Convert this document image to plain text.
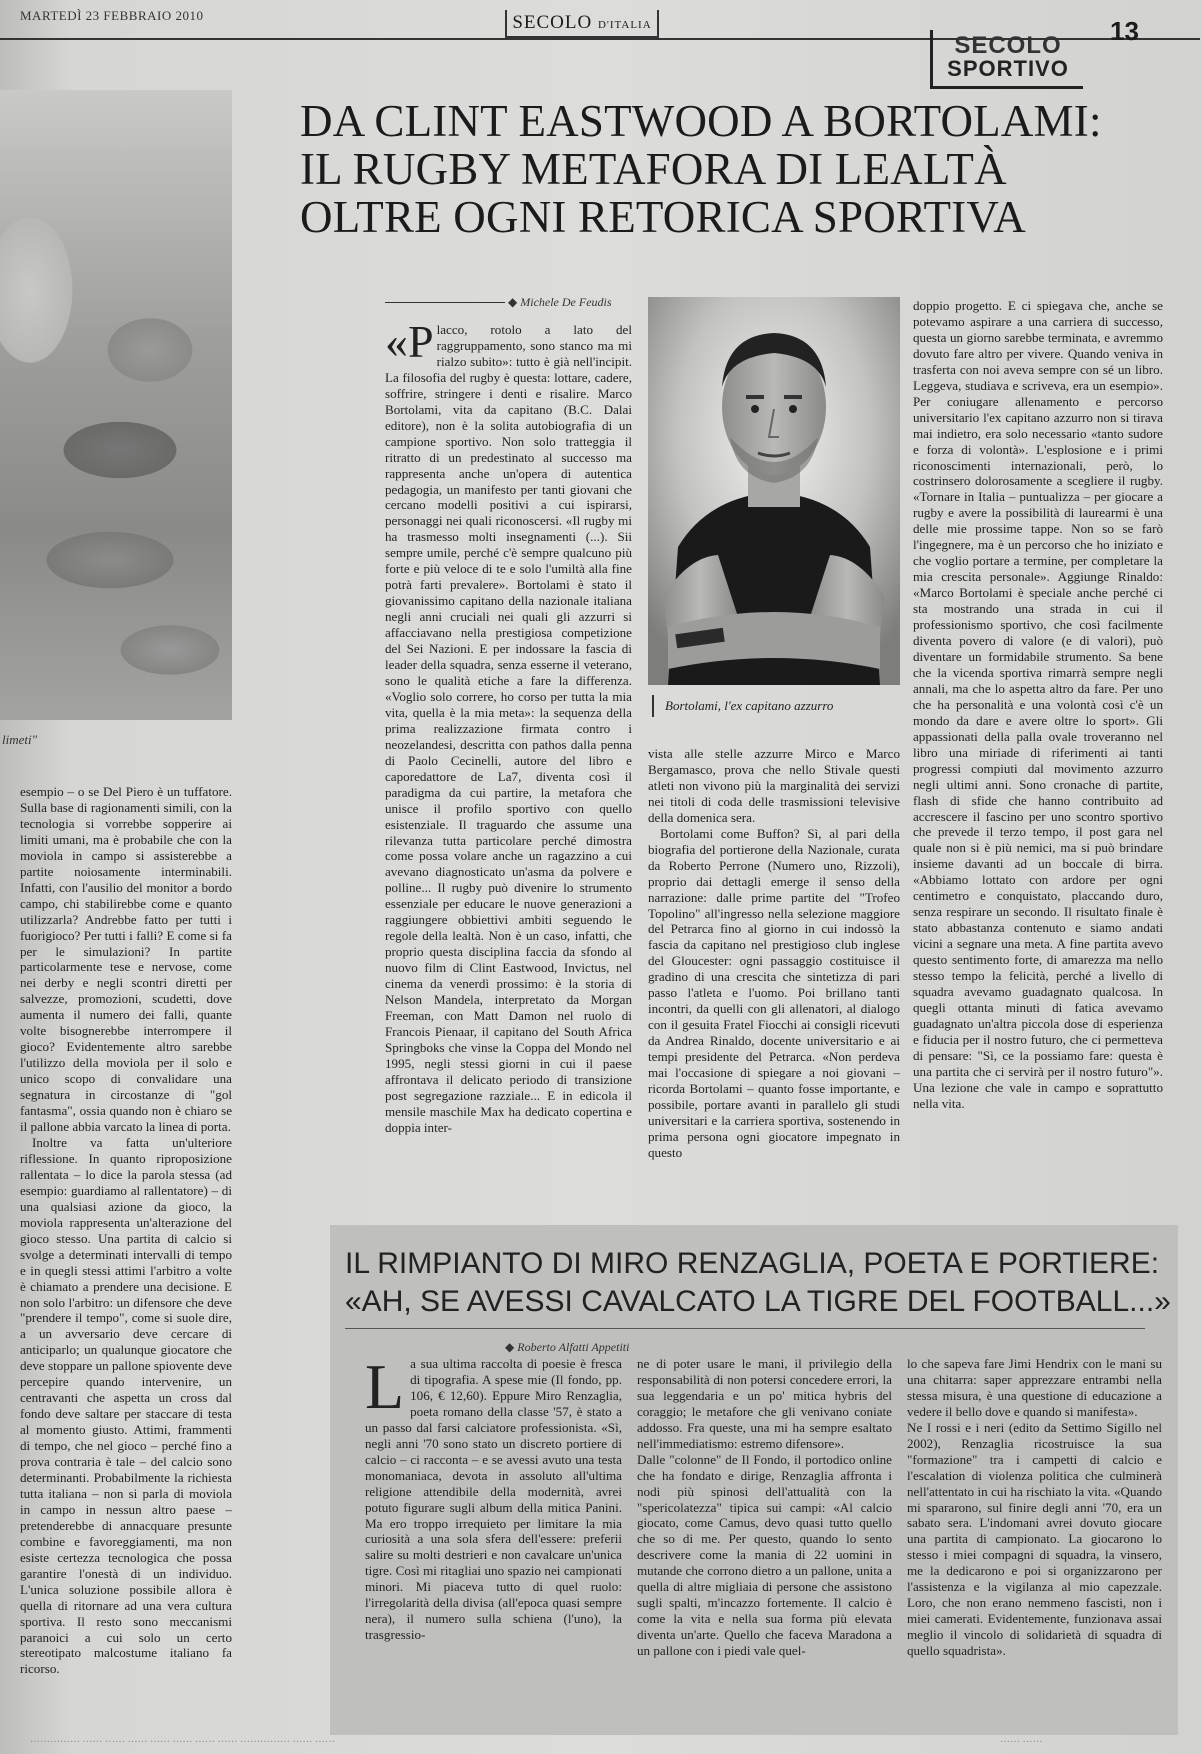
MARTEDÌ 23 FEBBRAIO 2010	SECOLO D'ITALIA
SECOLO
SPORTIVO
13
limeti"
DA CLINT EASTWOOD A BORTOLAMI:
IL RUGBY METAFORA DI LEALTÀ
OLTRE OGNI RETORICA SPORTIVA
◆ Michele De Feudis

esempio – o se Del Piero è un tuffatore. Sulla base di ragionamenti simili, con la tecnologia si vorrebbe sopperire ai limiti umani, ma è probabile che con la moviola in campo si assisterebbe a partite noiosamente interminabili. Infatti, con l'ausilio del monitor a bordo campo, chi stabilirebbe come e quanto utilizzarla? Andrebbe fatto per tutti i fuorigioco? Per tutti i falli? E come si fa per le simulazioni? In partite particolarmente tese e nervose, come nei derby e negli scontri diretti per salvezze, promozioni, scudetti, dove aumenta il numero dei falli, quante volte bisognerebbe interrompere il gioco? Evidentemente altro sarebbe l'utilizzo della moviola per il solo e unico scopo di convalidare una segnatura in circostanze di "gol fantasma", ossia quando non è chiaro se il pallone abbia varcato la linea di porta.

Inoltre va fatta un'ulteriore riflessione. In quanto riproposizione rallentata – lo dice la parola stessa (ad esempio: guardiamo al rallentatore) – di una qualsiasi azione da gioco, la moviola rappresenta un'alterazione del gioco stesso. Una partita di calcio si svolge a determinati intervalli di tempo e in quegli stessi attimi l'arbitro a volte è chiamato a prendere una decisione. E non solo l'arbitro: un difensore che deve "prendere il tempo", come si suole dire, a un avversario deve cercare di anticiparlo; un qualunque giocatore che deve stoppare un pallone spiovente deve percepire quando intervenire, un centravanti che aspetta un cross dal fondo deve saltare per staccare di testa al momento giusto. Attimi, frammenti di tempo, che nel gioco – perché fino a prova contraria è tale – del calcio sono determinanti. Probabilmente la richiesta tutta italiana – non si parla di moviola in campo in nessun altro paese – pretenderebbe di annacquare presunte combine e favoreggiamenti, ma non esiste certezza tecnologica che possa garantire l'onestà di un individuo. L'unica soluzione possibile allora è quella di ritornare ad una vera cultura sportiva. Il resto sono meccanismi paranoici a cui solo un certo stereotipato malcostume italiano fa ricorso.

«P lacco, rotolo a lato del raggruppamento, sono stanco ma mi rialzo subito»: tutto è già nell'incipit. La filosofia del rugby è questa: lottare, cadere, soffrire, stringere i denti e risalire. Marco Bortolami, vita da capitano (B.C. Dalai editore), non è la solita autobiografia di un campione sportivo. Non solo tratteggia il ritratto di un predestinato al successo ma rappresenta anche un'opera di autentica pedagogia, un manifesto per tanti giovani che cercano modelli positivi a cui ispirarsi, personaggi nei quali riconoscersi. «Il rugby mi ha trasmesso molti insegnamenti (...). Sii sempre umile, perché c'è sempre qualcuno più forte e più veloce di te e solo l'umiltà alla fine potrà farti prevalere». Bortolami è stato il giovanissimo capitano della nazionale italiana negli anni cruciali nei quali gli azzurri si affacciavano nella prestigiosa competizione del Sei Nazioni. E per indossare la fascia di leader della squadra, senza esserne il veterano, sono le qualità etiche a fare la differenza. «Voglio solo correre, ho corso per tutta la mia vita, quella è la mia meta»: la sequenza della prima realizzazione firmata contro i neozelandesi, descritta con pathos dalla penna di Paolo Cecinelli, autore del libro e caporedattore de La7, diventa così il paradigma da cui partire, la metafora che unisce il profilo sportivo con quello esistenziale. Il traguardo che assume una rilevanza tutta particolare perché dimostra come possa volare anche un ragazzino a cui avevano diagnosticato un'asma da polvere e polline... Il rugby può divenire lo strumento essenziale per educare le nuove generazioni a raggiungere obbiettivi ambiti seguendo le regole della lealtà. Non è un caso, infatti, che proprio questa disciplina faccia da sfondo al nuovo film di Clint Eastwood, Invictus, nel cinema da venerdì prossimo: è la storia di Nelson Mandela, interpretato da Morgan Freeman, con Matt Damon nel ruolo di Francois Pienaar, il capitano del South Africa Springboks che vinse la Coppa del Mondo nel 1995, negli stessi giorni in cui il paese affrontava il delicato periodo di transizione post segregazione razziale... E in edicola il mensile maschile Max ha dedicato copertina e doppia inter-

Bortolami, l'ex capitano azzurro

vista alle stelle azzurre Mirco e Marco Bergamasco, prova che nello Stivale questi atleti non vivono più la marginalità dei servizi nei titoli di coda delle trasmissioni televisive della domenica sera.

Bortolami come Buffon? Sì, al pari della biografia del portierone della Nazionale, curata da Roberto Perrone (Numero uno, Rizzoli), proprio dai dettagli emerge il senso della narrazione: dalle prime partite del "Trofeo Topolino" all'ingresso nella selezione maggiore del Petrarca fino al giorno in cui indossò la fascia da capitano nel prestigioso club inglese del Gloucester: ogni passaggio costituisce il gradino di una crescita che sintetizza di pari passo l'atleta e l'uomo. Poi brillano tanti incontri, da quelli con gli allenatori, al dialogo con il gesuita Fratel Fiocchi ai consigli ricevuti da Andrea Rinaldo, docente universitario e ai tempi presidente del Petrarca. «Non perdeva mai l'occasione di spiegare a noi giovani – ricorda Bortolami – quanto fosse importante, e possibile, portare avanti in parallelo gli studi universitari e la carriera sportiva, sostenendo in prima persona ogni giocatore impegnato in questo

doppio progetto. E ci spiegava che, anche se potevamo aspirare a una carriera di successo, questa un giorno sarebbe terminata, e avremmo dovuto fare altro per vivere. Quando veniva in trasferta con noi aveva sempre con sé un libro. Leggeva, studiava e scriveva, era un esempio». Per coniugare allenamento e percorso universitario l'ex capitano azzurro non si tirava mai indietro, era solo necessario «tanto sudore e forza di volontà». L'esplosione e i primi riconoscimenti internazionali, però, lo costrinsero dolorosamente a scegliere il rugby. «Tornare in Italia – puntualizza – per giocare a rugby e avere la possibilità di laurearmi è una delle mie prossime tappe. Non so se farò l'ingegnere, ma è un percorso che ho iniziato e che voglio portare a termine, per completare la mia crescita personale». Aggiunge Rinaldo: «Marco Bortolami è speciale anche perché ci sta mostrando una strada in cui il professionismo sportivo, che così facilmente diventa povero di valore (e di valori), può diventare un formidabile strumento. Sa bene che la vicenda sportiva rimarrà sempre negli annali, ma che lo aspetta altro da fare. Per uno che ha personalità e una volontà così c'è un mondo da dare e avere oltre lo sport». Gli appassionati della palla ovale troveranno nel libro una miriade di riferimenti ai tanti progressi compiuti dal movimento azzurro negli ultimi anni. Sono cronache di partite, flash di sfide che hanno contribuito ad accrescere il fascino per uno scontro sportivo che prevede il terzo tempo, il post gara nel quale non si è più nemici, ma si può brindare insieme davanti ad un boccale di birra. «Abbiamo lottato con ardore per ogni centimetro e conquistato, placcando duro, senza respirare un secondo. Il risultato finale è stato abbastanza contenuto e siamo andati vicini a segnare una meta. A fine partita avevo questo sentimento forte, di amarezza ma nello stesso tempo la felicità, perché a livello di squadra avevamo guadagnato qualcosa. In quegli ottanta minuti di fatica avevamo guadagnato un'altra piccola dose di esperienza e fiducia per il nostro futuro, che ci permetteva di pensare: "Sì, ce la possiamo fare: questa è una partita che ci servirà per il nostro futuro"». Una lezione che vale in campo e soprattutto nella vita.

IL RIMPIANTO DI MIRO RENZAGLIA, POETA E PORTIERE:
«AH, SE AVESSI CAVALCATO LA TIGRE DEL FOOTBALL...»
◆ Roberto Alfatti Appetiti
L a sua ultima raccolta di poesie è fresca di tipografia. A spese mie (Il fondo, pp. 106, € 12,60). Eppure Miro Renzaglia, poeta romano della classe '57, è stato a un passo dal farsi calciatore professionista. «Sì, negli anni '70 sono stato un discreto portiere di calcio – ci racconta – e se avessi avuto una testa monomaniaca, devota in assoluto all'ultima religione attendibile della modernità, avrei potuto figurare sugli album della mitica Panini. Ma ero troppo irrequieto per limitare la mia curiosità a una sola sfera dell'essere: preferii salire su molti destrieri e non cavalcare un'unica tigre. Così mi ritagliai uno spazio nei campionati minori. Mi piaceva tutto di quel ruolo: l'irregolarità della divisa (all'epoca quasi sempre nera), il numero sulla schiena (l'uno), la trasgressio-

ne di poter usare le mani, il privilegio della responsabilità di non potersi concedere errori, la sua leggendaria e un po' mitica hybris del coraggio; le metafore che gli venivano coniate addosso. Fra queste, una mi ha sempre esaltato nell'immediatismo: estremo difensore».
Dalle "colonne" de Il Fondo, il portodico online che ha fondato e dirige, Renzaglia affronta i nodi più spinosi dell'attualità con la "spericolatezza" tipica sui campi: «Al calcio giocato, come Camus, devo quasi tutto quello che so di me. Per questo, quando lo sento descrivere come la mania di 22 uomini in mutande che corrono dietro a un pallone, unita a quella di altre migliaia di persone che assistono sugli spalti, m'incazzo fortemente. Il calcio è come la vita e nella sua forma più elevata diventa un'arte. Quello che faceva Maradona a un pallone con i piedi vale quel-

lo che sapeva fare Jimi Hendrix con le mani su una chitarra: saper apprezzare entrambi nella stessa misura, è una questione di educazione a vedere il bello dove e quando si manifesta».
Ne I rossi e i neri (edito da Settimo Sigillo nel 2002), Renzaglia ricostruisce la sua "formazione" tra i campetti di calcio e l'escalation di violenza politica che culminerà nell'attentato in cui ha rischiato la vita. «Quando mi spararono, sul finire degli anni '70, era un sabato sera. L'indomani avrei dovuto giocare una partita di campionato. La giocarono lo stesso i miei compagni di squadra, la vinsero, me la dedicarono e poi si organizzarono per l'assistenza e la vigilanza al mio capezzale. Loro, che non erano nemmeno fascisti, non i miei camerati. Evidentemente, funzionava assai meglio il vincolo di solidarietà di squadra di quello squadrista».

…………… …… …… …… …… …… …… …… …………… …… ……	…… ……
